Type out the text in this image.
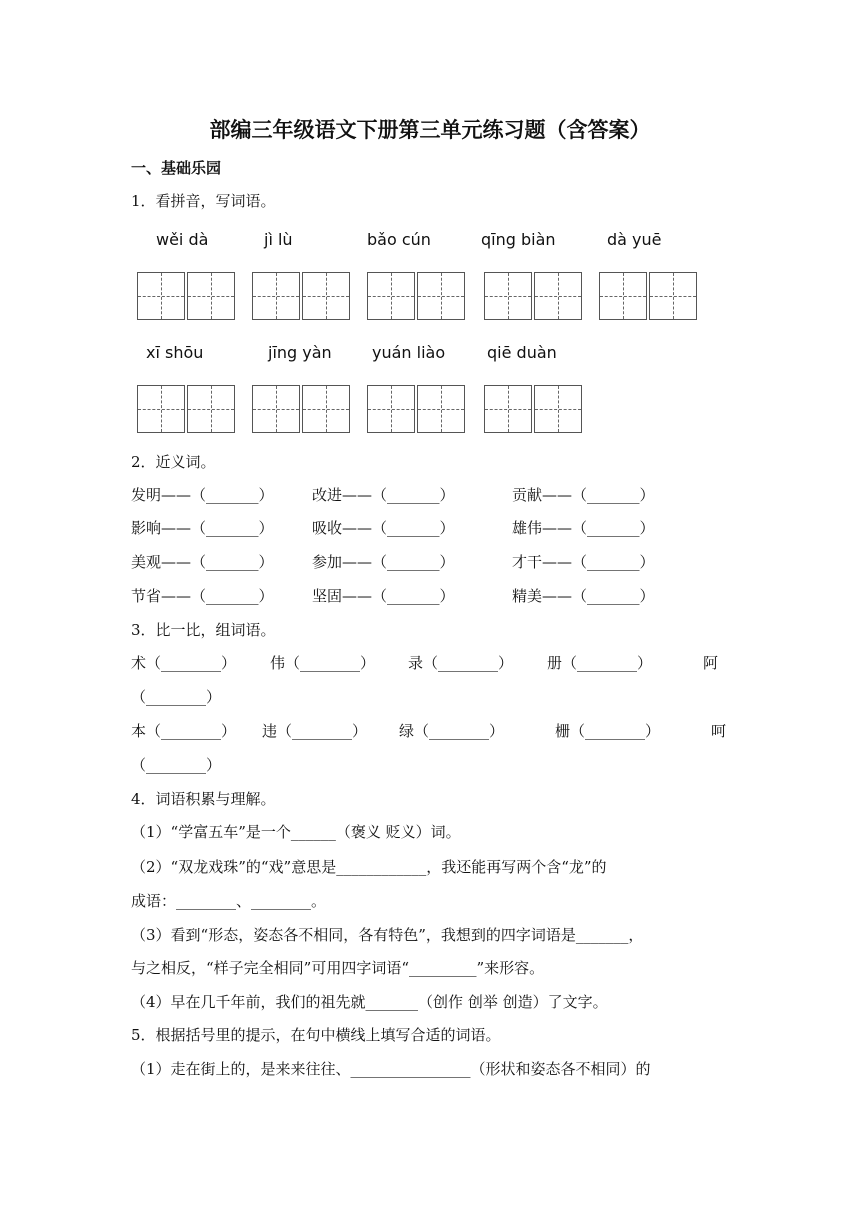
部编三年级语文下册第三单元练习题（含答案）
一、基础乐园
1．看拼音，写词语。
wěi dà	jì lù	bǎo cún	qīng biàn	dà yuē
xī shōu	jīng yàn	yuán liào	qiē duàn
2．近义词。
发明——（_______）	改进——（_______）	贡献——（_______）
影响——（_______）	吸收——（_______）	雄伟——（_______）
美观——（_______）	参加——（_______）	才干——（_______）
节省——（_______）	坚固——（_______）	精美——（_______）
3．比一比，组词语。
术（________） 伟（________） 录（________） 册（________）	阿
（________）
本（________） 违（________） 绿（________）	栅（________）	呵
（________）
4．词语积累与理解。
（1）“学富五车”是一个______（褒义 贬义）词。
（2）“双龙戏珠”的“戏”意思是____________，我还能再写两个含“龙”的
成语：________、________。
（3）看到“形态，姿态各不相同，各有特色”，我想到的四字词语是_______，
与之相反，“样子完全相同”可用四字词语“_________”来形容。
（4）早在几千年前，我们的祖先就_______（创作 创举 创造）了文字。
5．根据括号里的提示，在句中横线上填写合适的词语。
（1）走在街上的，是来来往往、________________（形状和姿态各不相同）的
